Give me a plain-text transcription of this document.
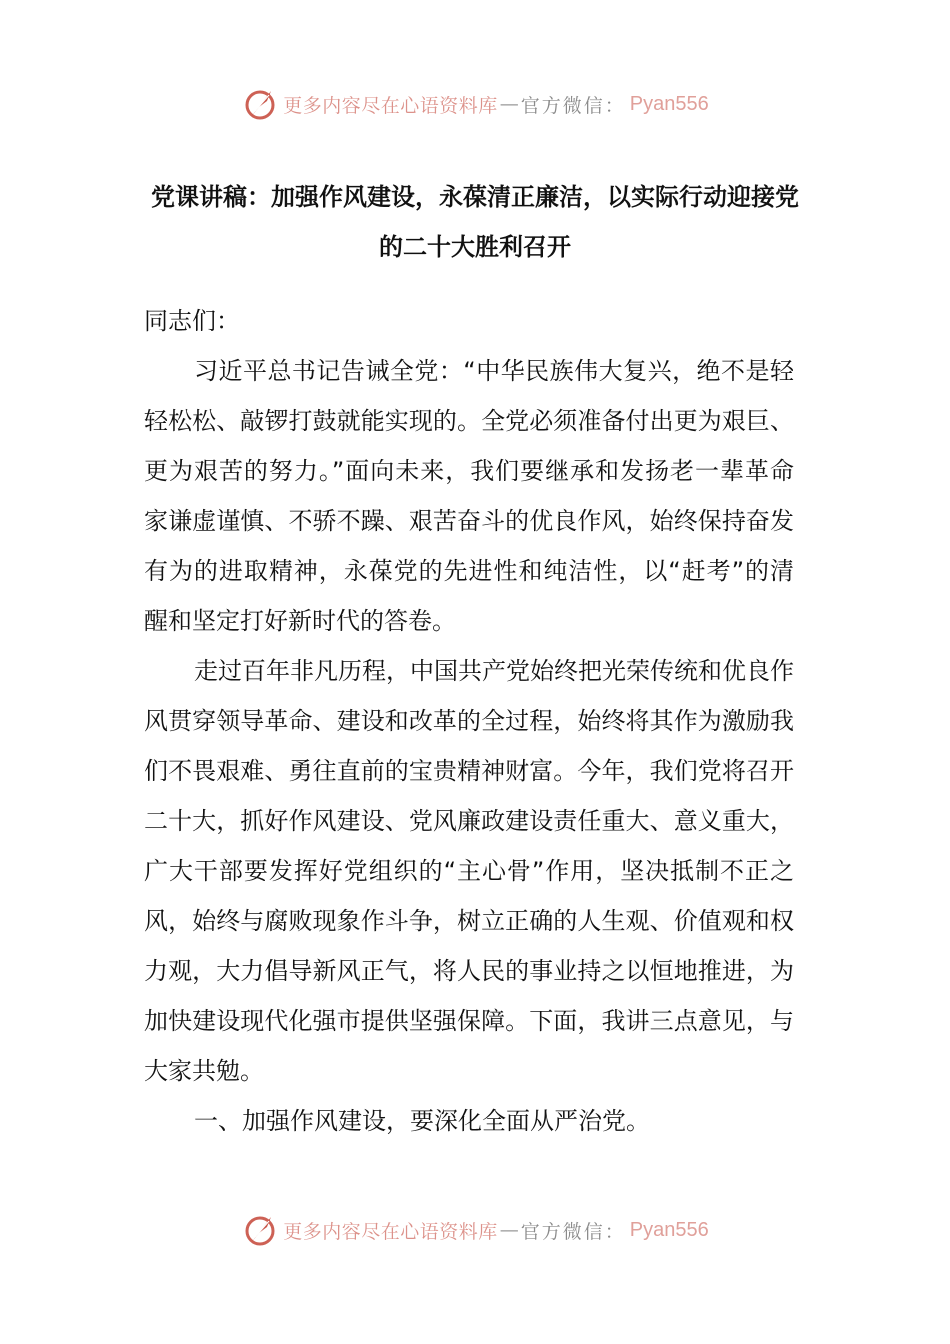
更多内容尽在心语资料库 — 官方微信： Pyan556
党课讲稿：加强作风建设，永葆清正廉洁，以实际行动迎接党
的二十大胜利召开
同志们：
习近平总书记告诫全党：“中华民族伟大复兴，绝不是轻
轻松松、敲锣打鼓就能实现的。全党必须准备付出更为艰巨、
更为艰苦的努力。”面向未来，我们要继承和发扬老一辈革命
家谦虚谨慎、不骄不躁、艰苦奋斗的优良作风，始终保持奋发
有为的进取精神，永葆党的先进性和纯洁性，以“赶考”的清
醒和坚定打好新时代的答卷。
走过百年非凡历程，中国共产党始终把光荣传统和优良作
风贯穿领导革命、建设和改革的全过程，始终将其作为激励我
们不畏艰难、勇往直前的宝贵精神财富。今年，我们党将召开
二十大，抓好作风建设、党风廉政建设责任重大、意义重大，
广大干部要发挥好党组织的“主心骨”作用，坚决抵制不正之
风，始终与腐败现象作斗争，树立正确的人生观、价值观和权
力观，大力倡导新风正气，将人民的事业持之以恒地推进，为
加快建设现代化强市提供坚强保障。下面，我讲三点意见，与
大家共勉。
一、加强作风建设，要深化全面从严治党。
更多内容尽在心语资料库 — 官方微信： Pyan556
